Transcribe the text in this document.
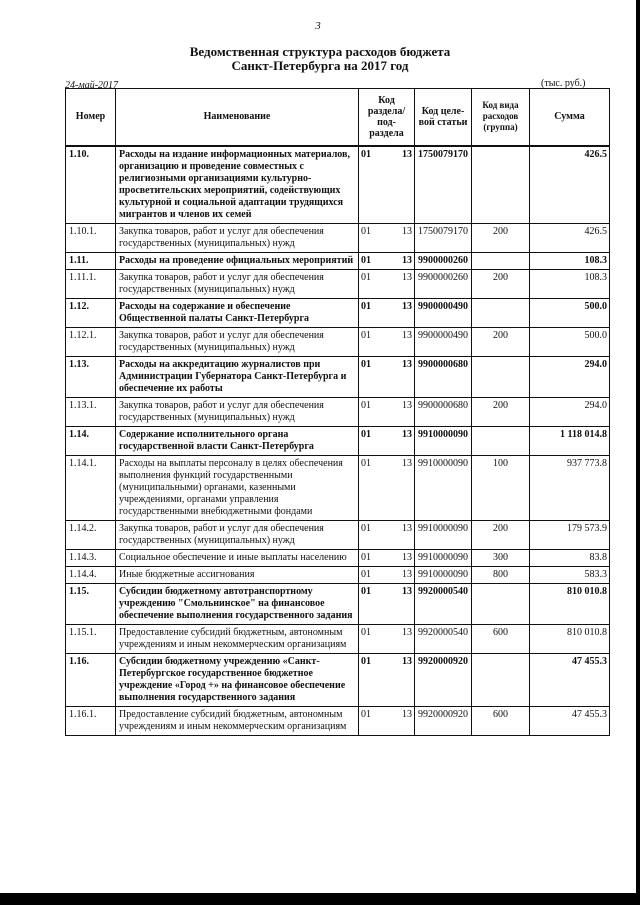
3
Ведомственная структура расходов бюджета
Санкт-Петербурга на 2017 год
24-май-2017	(тыс. руб.)
Номер	Наименование	Код раздела/ под- раздела	Код целе- вой статьи	Код вида расходов (группа)	Сумма
1.10.	Расходы на издание информационных материалов, организацию и проведение совместных с религиозными организациями культурно-просветительских мероприятий, содействующих культурной и социальной адаптации трудящихся мигрантов и членов их семей	01 13	1750079170		426.5
1.10.1.	Закупка товаров, работ и услуг для обеспечения государственных (муниципальных) нужд	01 13	1750079170	200	426.5
1.11.	Расходы на проведение официальных мероприятий	01 13	9900000260		108.3
1.11.1.	Закупка товаров, работ и услуг для обеспечения государственных (муниципальных) нужд	01 13	9900000260	200	108.3
1.12.	Расходы на содержание и обеспечение Общественной палаты Санкт-Петербурга	01 13	9900000490		500.0
1.12.1.	Закупка товаров, работ и услуг для обеспечения государственных (муниципальных) нужд	01 13	9900000490	200	500.0
1.13.	Расходы на аккредитацию журналистов при Администрации Губернатора Санкт-Петербурга и обеспечение их работы	01 13	9900000680		294.0
1.13.1.	Закупка товаров, работ и услуг для обеспечения государственных (муниципальных) нужд	01 13	9900000680	200	294.0
1.14.	Содержание исполнительного органа государственной власти Санкт-Петербурга	01 13	9910000090		1 118 014.8
1.14.1.	Расходы на выплаты персоналу в целях обеспечения выполнения функций государственными (муниципальными) органами, казенными учреждениями, органами управления государственными внебюджетными фондами	01 13	9910000090	100	937 773.8
1.14.2.	Закупка товаров, работ и услуг для обеспечения государственных (муниципальных) нужд	01 13	9910000090	200	179 573.9
1.14.3.	Социальное обеспечение и иные выплаты населению	01 13	9910000090	300	83.8
1.14.4.	Иные бюджетные ассигнования	01 13	9910000090	800	583.3
1.15.	Субсидии бюджетному автотранспортному учреждению "Смольнинское" на финансовое обеспечение выполнения государственного задания	01 13	9920000540		810 010.8
1.15.1.	Предоставление субсидий бюджетным, автономным учреждениям и иным некоммерческим организациям	01 13	9920000540	600	810 010.8
1.16.	Субсидии бюджетному учреждению «Санкт-Петербургское государственное бюджетное учреждение «Город +» на финансовое обеспечение выполнения государственного задания	01 13	9920000920		47 455.3
1.16.1.	Предоставление субсидий бюджетным, автономным учреждениям и иным некоммерческим организациям	01 13	9920000920	600	47 455.3
